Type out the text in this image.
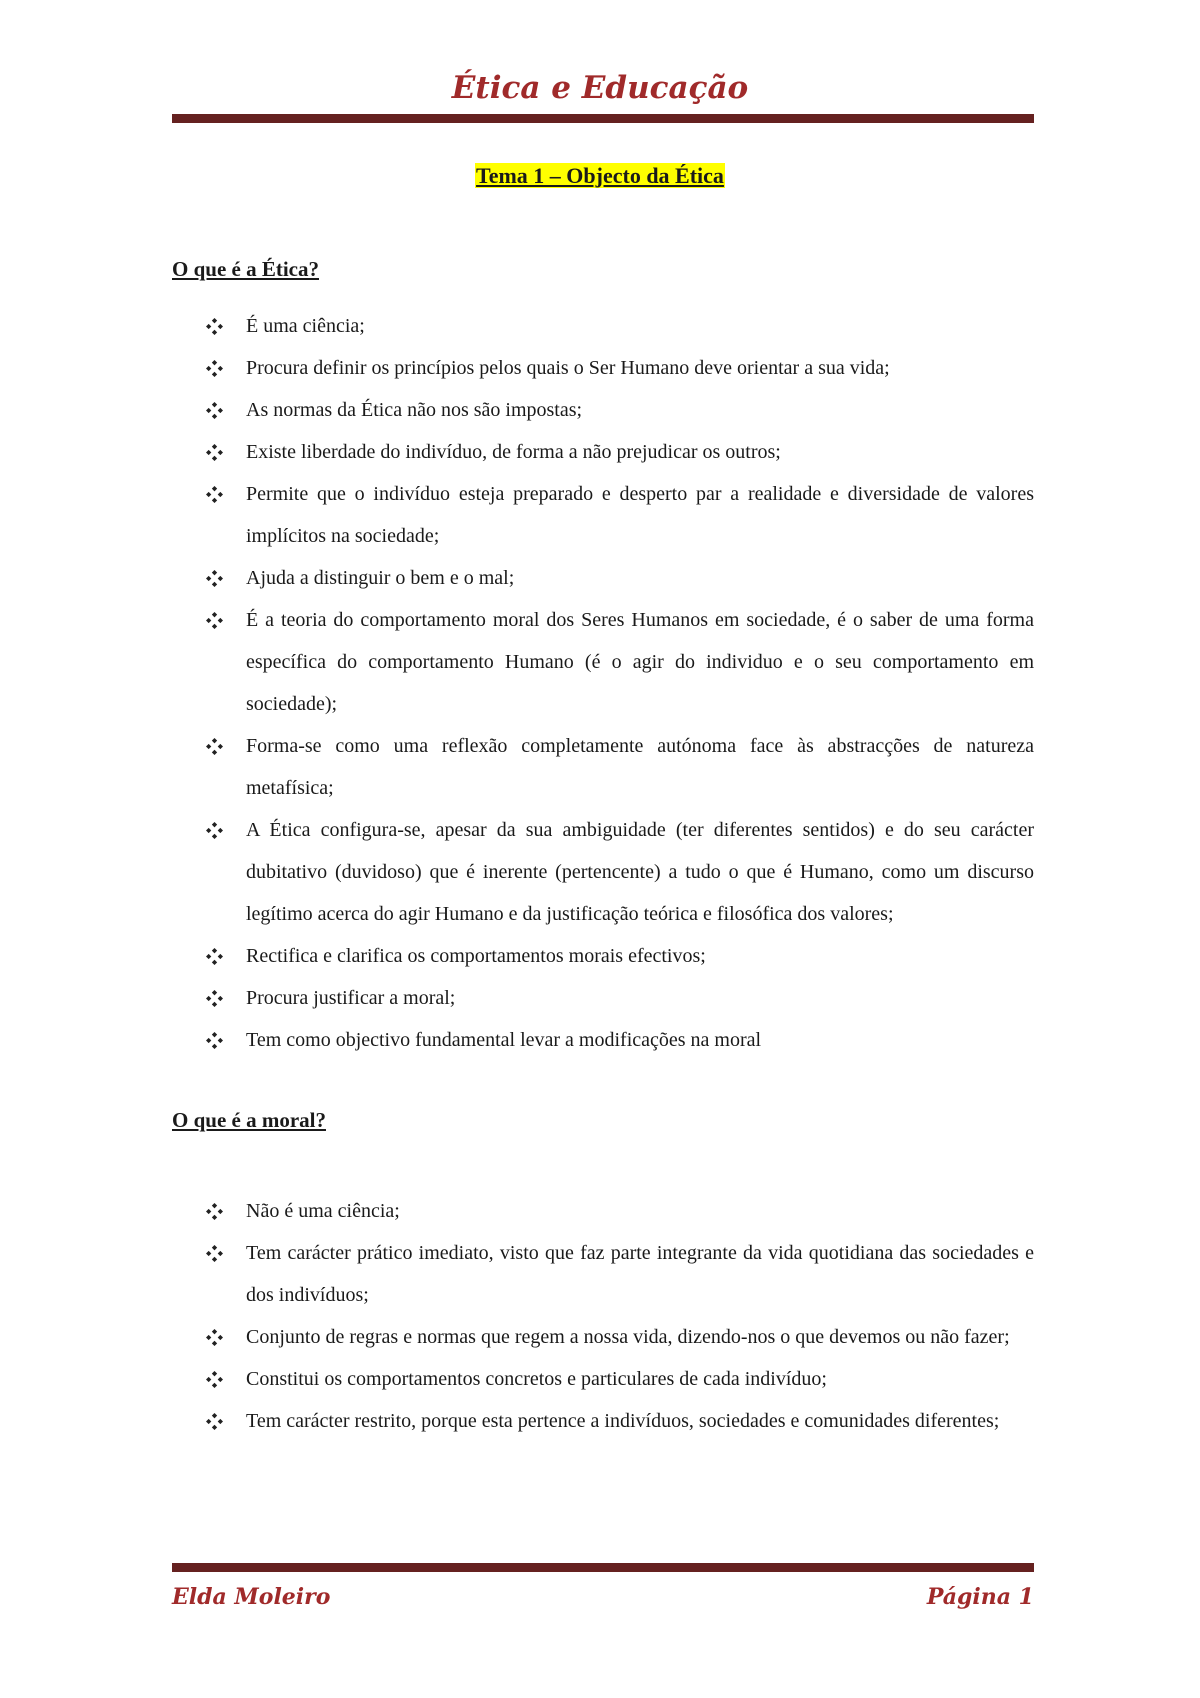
Ética e Educação
Tema 1 – Objecto da Ética

O que é a Ética?

É uma ciência;
Procura definir os princípios pelos quais o Ser Humano deve orientar a sua vida;
As normas da Ética não nos são impostas;
Existe liberdade do indivíduo, de forma a não prejudicar os outros;
Permite que o indivíduo esteja preparado e desperto par a realidade e diversidade de valores implícitos na sociedade;
Ajuda a distinguir o bem e o mal;
É a teoria do comportamento moral dos Seres Humanos em sociedade, é o saber de uma forma específica do comportamento Humano (é o agir do individuo e o seu comportamento em sociedade);
Forma-se como uma reflexão completamente autónoma face às abstracções de natureza metafísica;
A Ética configura-se, apesar da sua ambiguidade (ter diferentes sentidos) e do seu carácter dubitativo (duvidoso) que é inerente (pertencente) a tudo o que é Humano, como um discurso legítimo acerca do agir Humano e da justificação teórica e filosófica dos valores;
Rectifica e clarifica os comportamentos morais efectivos;
Procura justificar a moral;
Tem como objectivo fundamental levar a modificações na moral

O que é a moral?

Não é uma ciência;
Tem carácter prático imediato, visto que faz parte integrante da vida quotidiana das sociedades e dos indivíduos;
Conjunto de regras e normas que regem a nossa vida, dizendo-nos o que devemos ou não fazer;
Constitui os comportamentos concretos e particulares de cada indivíduo;
Tem carácter restrito, porque esta pertence a indivíduos, sociedades e comunidades diferentes;
Elda Moleiro	Página 1
